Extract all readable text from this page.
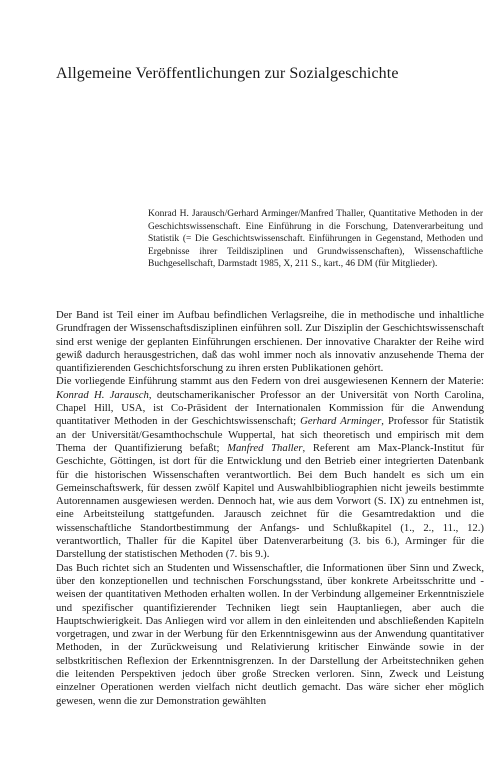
Allgemeine Veröffentlichungen zur Sozialgeschichte

Konrad H. Jarausch/Gerhard Arminger/Manfred Thaller, Quantitative Methoden in der Geschichtswissenschaft. Eine Einführung in die Forschung, Datenverarbeitung und Statistik (= Die Geschichtswissenschaft. Einführungen in Gegenstand, Methoden und Ergebnisse ihrer Teildisziplinen und Grundwissenschaften), Wissenschaftliche Buchgesellschaft, Darmstadt 1985, X, 211 S., kart., 46 DM (für Mitglieder).

Der Band ist Teil einer im Aufbau befindlichen Verlagsreihe, die in methodische und inhaltliche Grundfragen der Wissenschaftsdisziplinen einführen soll. Zur Disziplin der Geschichtswissenschaft sind erst wenige der geplanten Einführungen erschienen. Der innovative Charakter der Reihe wird gewiß dadurch herausgestrichen, daß das wohl immer noch als innovativ anzusehende Thema der quantifizierenden Geschichtsforschung zu ihren ersten Publikationen gehört.

Die vorliegende Einführung stammt aus den Federn von drei ausgewiesenen Kennern der Materie: Konrad H. Jarausch, deutschamerikanischer Professor an der Universität von North Carolina, Chapel Hill, USA, ist Co-Präsident der Internationalen Kommission für die Anwendung quantitativer Methoden in der Geschichtswissenschaft; Gerhard Arminger, Professor für Statistik an der Universität/Gesamthochschule Wuppertal, hat sich theoretisch und empirisch mit dem Thema der Quantifizierung befaßt; Manfred Thaller, Referent am Max-Planck-Institut für Geschichte, Göttingen, ist dort für die Entwicklung und den Betrieb einer integrierten Datenbank für die historischen Wissenschaften verantwortlich. Bei dem Buch handelt es sich um ein Gemeinschaftswerk, für dessen zwölf Kapitel und Auswahlbibliographien nicht jeweils bestimmte Autorennamen ausgewiesen werden. Dennoch hat, wie aus dem Vorwort (S. IX) zu entnehmen ist, eine Arbeitsteilung stattgefunden. Jarausch zeichnet für die Gesamtredaktion und die wissenschaftliche Standortbestimmung der Anfangs- und Schlußkapitel (1., 2., 11., 12.) verantwortlich, Thaller für die Kapitel über Datenverarbeitung (3. bis 6.), Arminger für die Darstellung der statistischen Methoden (7. bis 9.).

Das Buch richtet sich an Studenten und Wissenschaftler, die Informationen über Sinn und Zweck, über den konzeptionellen und technischen Forschungsstand, über konkrete Arbeitsschritte und -weisen der quantitativen Methoden erhalten wollen. In der Verbindung allgemeiner Erkenntnisziele und spezifischer quantifizierender Techniken liegt sein Hauptanliegen, aber auch die Hauptschwierigkeit. Das Anliegen wird vor allem in den einleitenden und abschließenden Kapiteln vorgetragen, und zwar in der Werbung für den Erkenntnisgewinn aus der Anwendung quantitativer Methoden, in der Zurückweisung und Relativierung kritischer Einwände sowie in der selbstkritischen Reflexion der Erkenntnisgrenzen. In der Darstellung der Arbeitstechniken gehen die leitenden Perspektiven jedoch über große Strecken verloren. Sinn, Zweck und Leistung einzelner Operationen werden vielfach nicht deutlich gemacht. Das wäre sicher eher möglich gewesen, wenn die zur Demonstration gewählten
